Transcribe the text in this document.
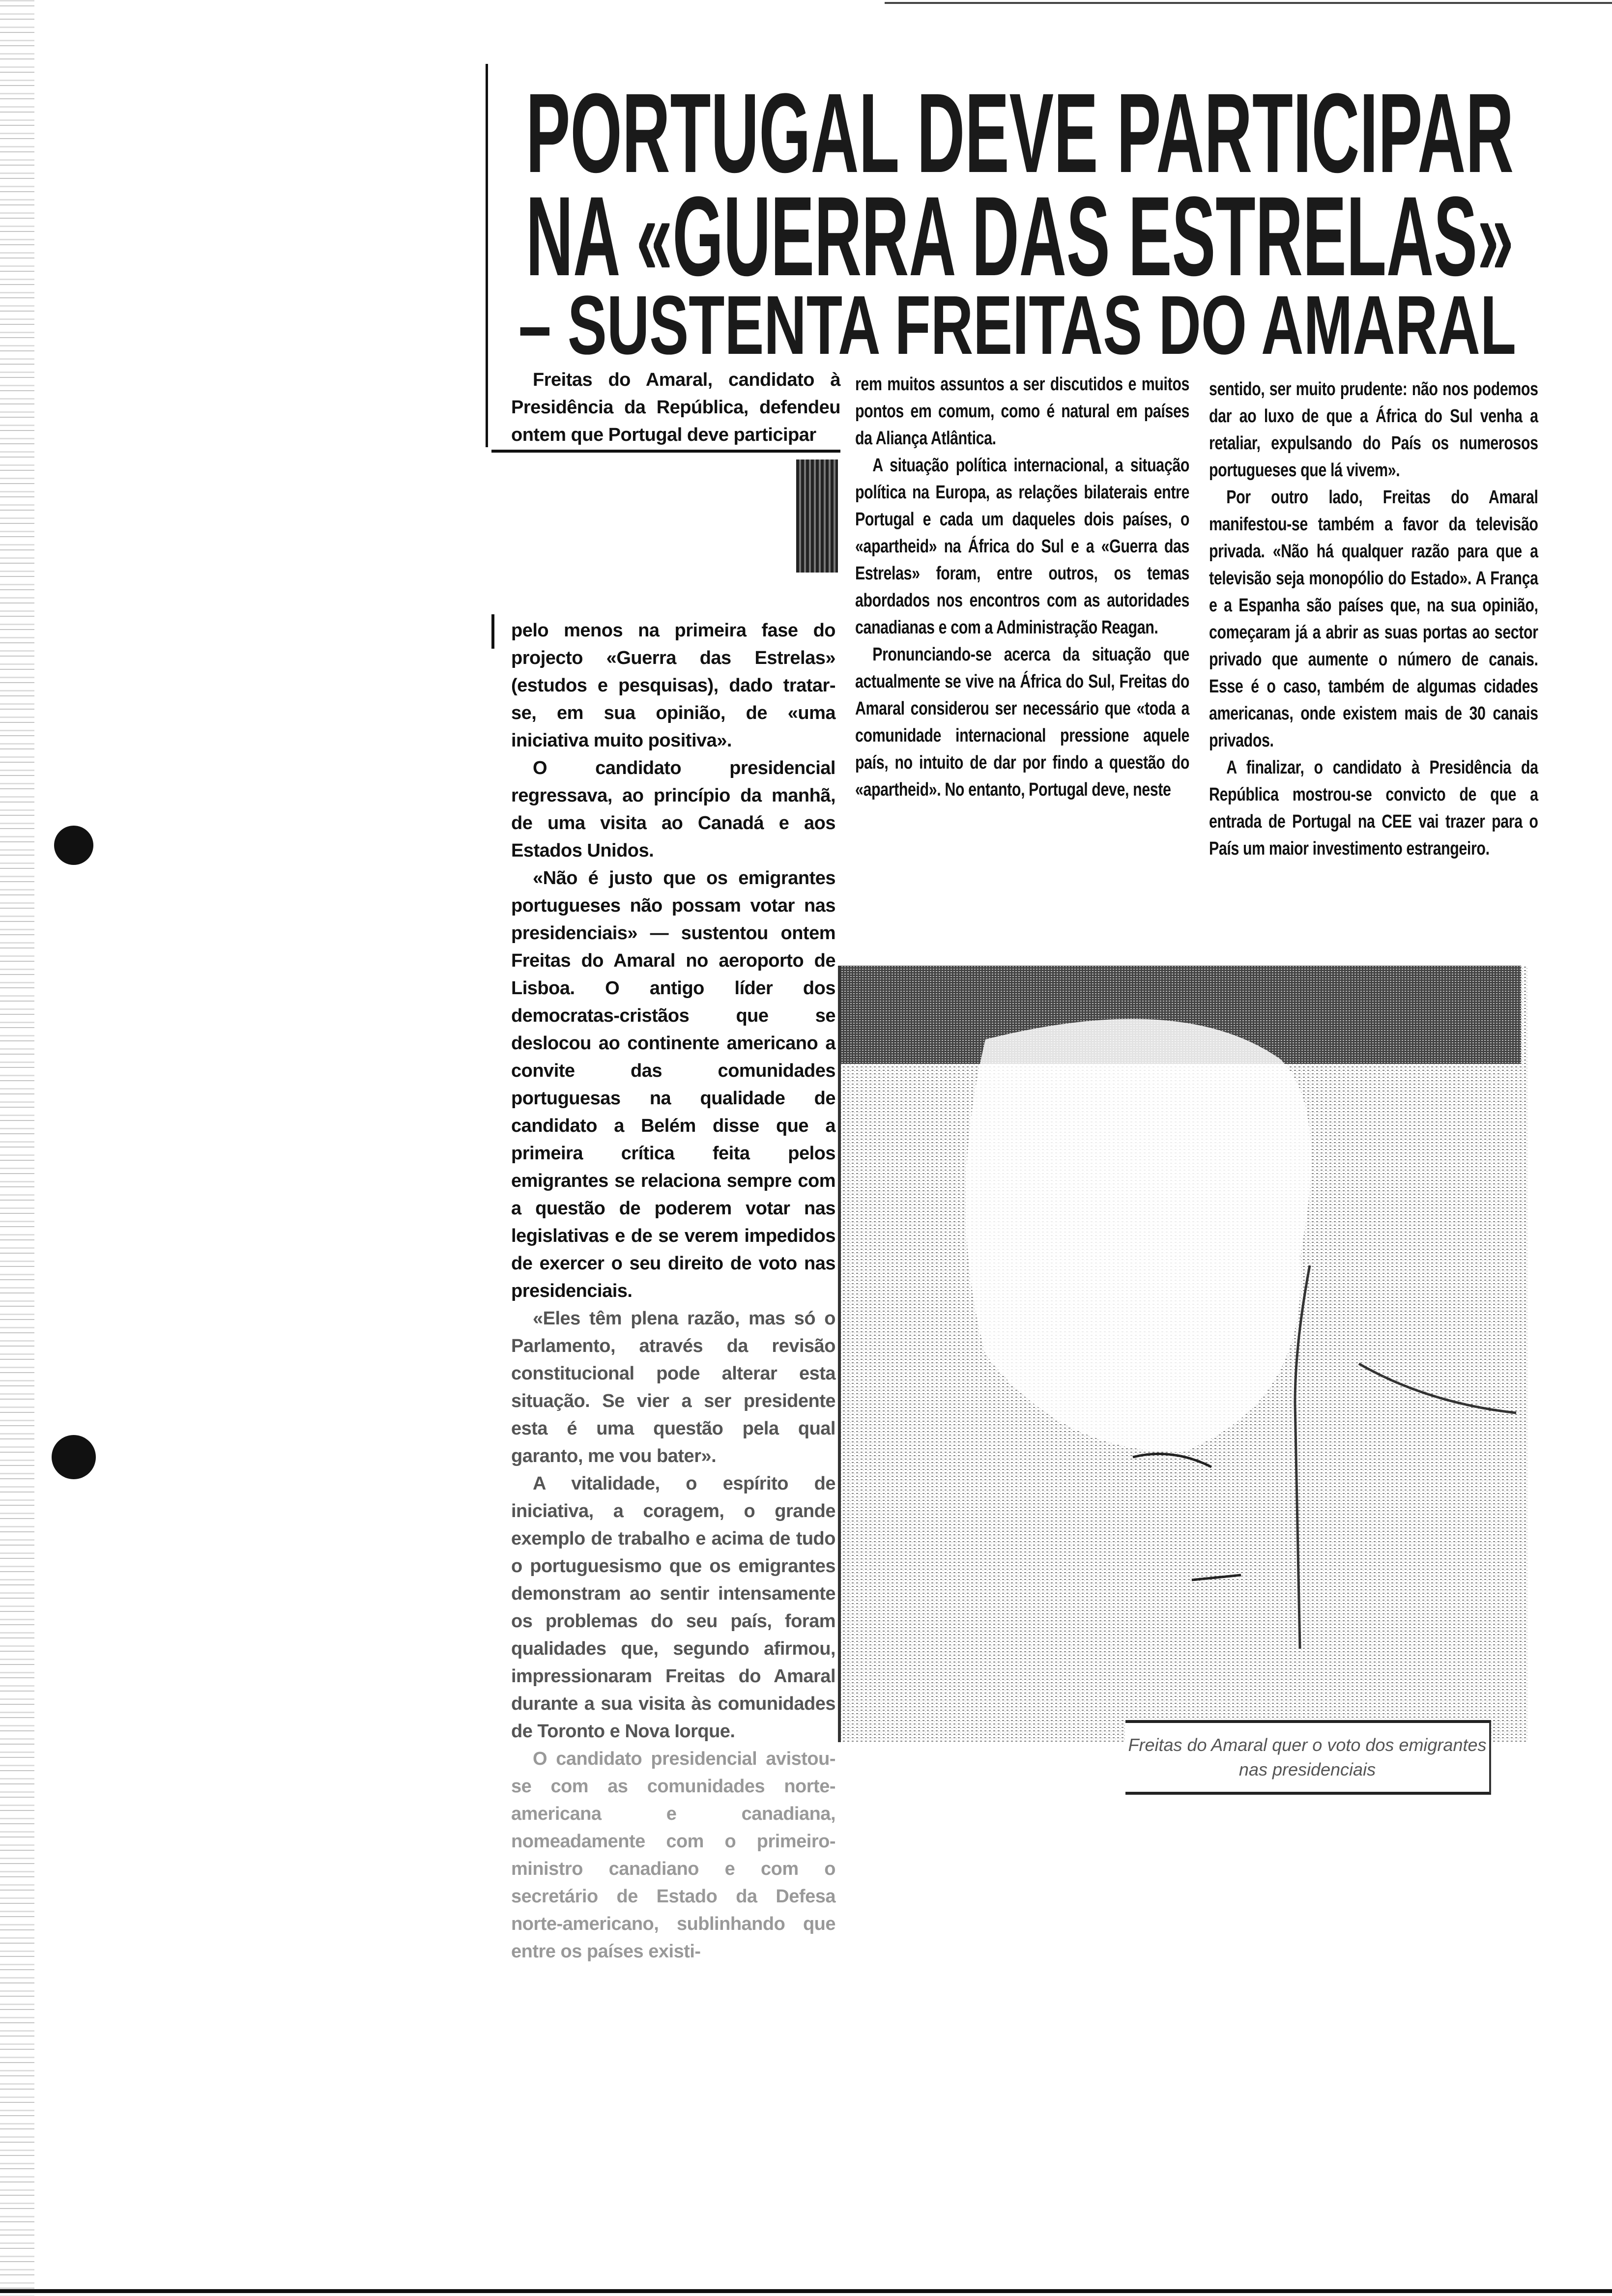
PORTUGAL DEVE PARTICIPAR
NA «GUERRA DAS ESTRELAS»
– SUSTENTA FREITAS DO AMARAL

Freitas do Amaral, candidato à Presidência da República, defendeu ontem que Portugal deve participar

pelo menos na primeira fase do projecto «Guerra das Estrelas» (estudos e pesquisas), dado tratar-se, em sua opinião, de «uma iniciativa muito positiva».

O candidato presidencial regressava, ao princípio da manhã, de uma visita ao Canadá e aos Estados Unidos.

«Não é justo que os emigrantes portugueses não possam votar nas presidenciais» — sustentou ontem Freitas do Amaral no aeroporto de Lisboa. O antigo líder dos democratas-cristãos que se deslocou ao continente americano a convite das comunidades portuguesas na qualidade de candidato a Belém disse que a primeira crítica feita pelos emigrantes se relaciona sempre com a questão de poderem votar nas legislativas e de se verem impedidos de exercer o seu direito de voto nas presidenciais.

«Eles têm plena razão, mas só o Parlamento, através da revisão constitucional pode alterar esta situação. Se vier a ser presidente esta é uma questão pela qual garanto, me vou bater».

A vitalidade, o espírito de iniciativa, a coragem, o grande exemplo de trabalho e acima de tudo o portuguesismo que os emigrantes demonstram ao sentir intensamente os problemas do seu país, foram qualidades que, segundo afirmou, impressionaram Freitas do Amaral durante a sua visita às comunidades de Toronto e Nova Iorque.

O candidato presidencial avistou-se com as comunidades norte-americana e canadiana, nomeadamente com o primeiro-ministro canadiano e com o secretário de Estado da Defesa norte-americano, sublinhando que entre os países existi-

rem muitos assuntos a ser discutidos e muitos pontos em comum, como é natural em países da Aliança Atlântica.

A situação política internacional, a situação política na Europa, as relações bilaterais entre Portugal e cada um daqueles dois países, o «apartheid» na África do Sul e a «Guerra das Estrelas» foram, entre outros, os temas abordados nos encontros com as autoridades canadianas e com a Administração Reagan.

Pronunciando-se acerca da situação que actualmente se vive na África do Sul, Freitas do Amaral considerou ser necessário que «toda a comunidade internacional pressione aquele país, no intuito de dar por findo a questão do «apartheid». No entanto, Portugal deve, neste

sentido, ser muito prudente: não nos podemos dar ao luxo de que a África do Sul venha a retaliar, expulsando do País os numerosos portugueses que lá vivem».

Por outro lado, Freitas do Amaral manifestou-se também a favor da televisão privada. «Não há qualquer razão para que a televisão seja monopólio do Estado». A França e a Espanha são países que, na sua opinião, começaram já a abrir as suas portas ao sector privado que aumente o número de canais. Esse é o caso, também de algumas cidades americanas, onde existem mais de 30 canais privados.

A finalizar, o candidato à Presidência da República mostrou-se convicto de que a entrada de Portugal na CEE vai trazer para o País um maior investimento estrangeiro.

Freitas do Amaral quer o voto dos emigrantes nas presidenciais
